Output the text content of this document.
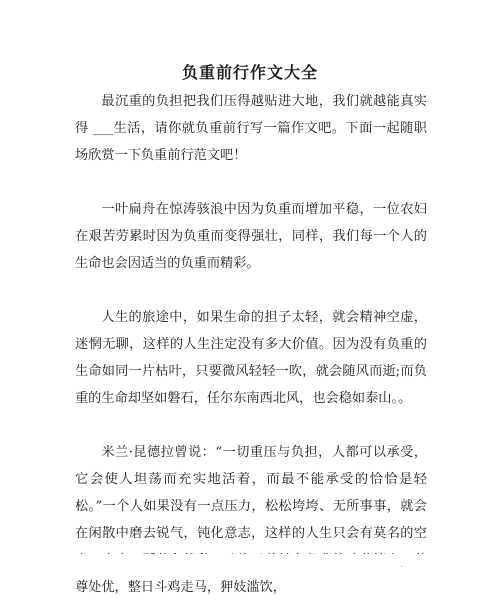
负重前行作文大全

最沉重的负担把我们压得越贴进大地，我们就越能真实得 ___生活，请你就负重前行写一篇作文吧。下面一起随职场欣赏一下负重前行范文吧！

一叶扁舟在惊涛骇浪中因为负重而增加平稳，一位农妇在艰苦劳累时因为负重而变得强壮，同样，我们每一个人的生命也会因适当的负重而精彩。

人生的旅途中，如果生命的担子太轻，就会精神空虚，迷惘无聊，这样的人生注定没有多大价值。因为没有负重的生命如同一片枯叶，只要微风轻轻一吹，就会随风而逝;而负重的生命却坚如磐石，任尔东南西北风，也会稳如泰山。。

米兰·昆德拉曾说：“一切重压与负担，人都可以承受，它会使人坦荡而充实地活着，而最不能承受的恰恰是轻松。”一个人如果没有一点压力，松松垮垮、无所事事，就会在闲散中磨去锐气，钝化意志，这样的人生只会有莫名的空 尊处优，整日斗鸡走马，狎妓滥饮，
